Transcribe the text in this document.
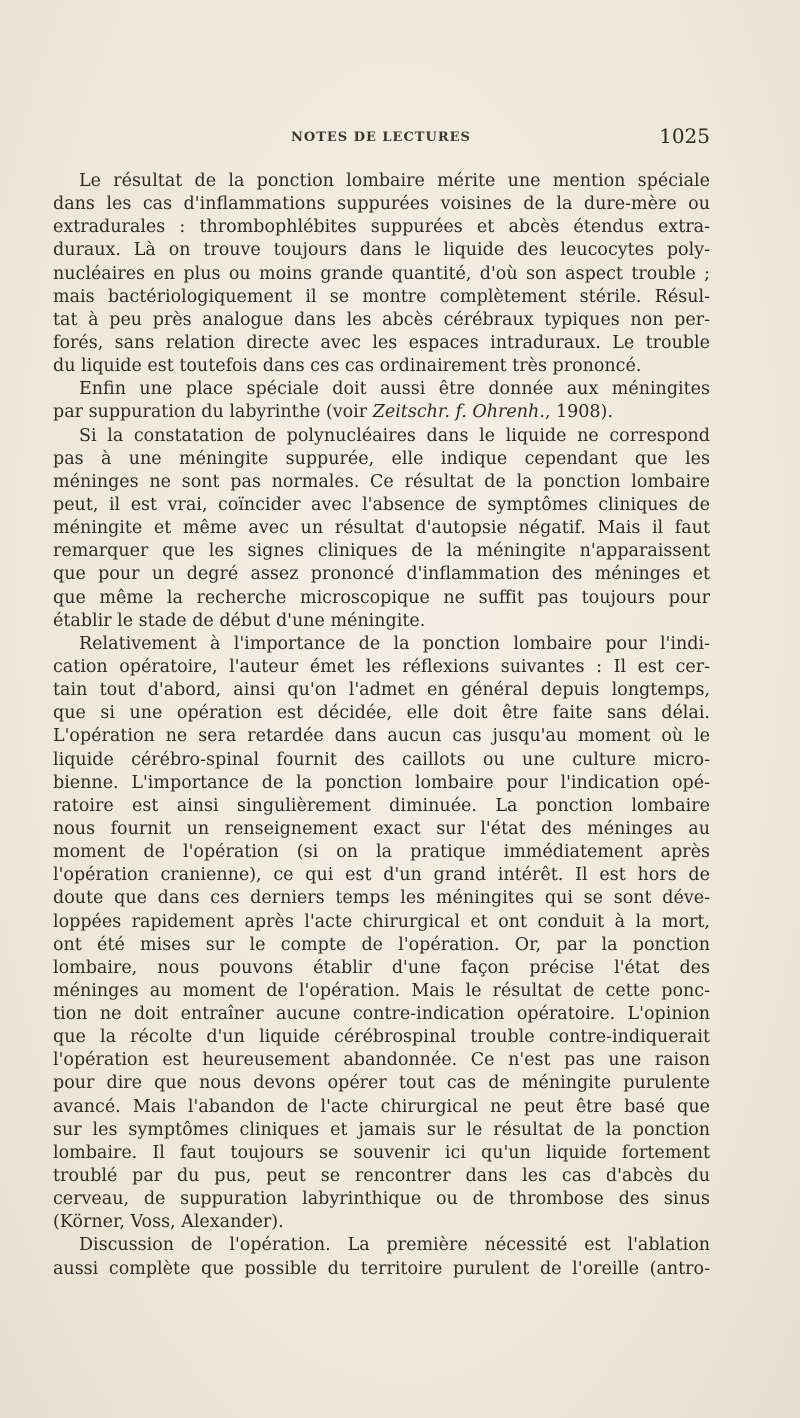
NOTES DE LECTURES	1025
Le résultat de la ponction lombaire mérite une mention spéciale
dans les cas d'inflammations suppurées voisines de la dure-mère ou
extradurales : thrombophlébites suppurées et abcès étendus extra-
duraux. Là on trouve toujours dans le liquide des leucocytes poly-
nucléaires en plus ou moins grande quantité, d'où son aspect trouble ;
mais bactériologiquement il se montre complètement stérile. Résul-
tat à peu près analogue dans les abcès cérébraux typiques non per-
forés, sans relation directe avec les espaces intraduraux. Le trouble
du liquide est toutefois dans ces cas ordinairement très prononcé.
Enfin une place spéciale doit aussi être donnée aux méningites
par suppuration du labyrinthe (voir Zeitschr. f. Ohrenh., 1908).
Si la constatation de polynucléaires dans le liquide ne correspond
pas à une méningite suppurée, elle indique cependant que les
méninges ne sont pas normales. Ce résultat de la ponction lombaire
peut, il est vrai, coïncider avec l'absence de symptômes cliniques de
méningite et même avec un résultat d'autopsie négatif. Mais il faut
remarquer que les signes cliniques de la méningite n'apparaissent
que pour un degré assez prononcé d'inflammation des méninges et
que même la recherche microscopique ne suffit pas toujours pour
établir le stade de début d'une méningite.
Relativement à l'importance de la ponction lombaire pour l'indi-
cation opératoire, l'auteur émet les réflexions suivantes : Il est cer-
tain tout d'abord, ainsi qu'on l'admet en général depuis longtemps,
que si une opération est décidée, elle doit être faite sans délai.
L'opération ne sera retardée dans aucun cas jusqu'au moment où le
liquide cérébro-spinal fournit des caillots ou une culture micro-
bienne. L'importance de la ponction lombaire pour l'indication opé-
ratoire est ainsi singulièrement diminuée. La ponction lombaire
nous fournit un renseignement exact sur l'état des méninges au
moment de l'opération (si on la pratique immédiatement après
l'opération cranienne), ce qui est d'un grand intérêt. Il est hors de
doute que dans ces derniers temps les méningites qui se sont déve-
loppées rapidement après l'acte chirurgical et ont conduit à la mort,
ont été mises sur le compte de l'opération. Or, par la ponction
lombaire, nous pouvons établir d'une façon précise l'état des
méninges au moment de l'opération. Mais le résultat de cette ponc-
tion ne doit entraîner aucune contre-indication opératoire. L'opinion
que la récolte d'un liquide cérébrospinal trouble contre-indiquerait
l'opération est heureusement abandonnée. Ce n'est pas une raison
pour dire que nous devons opérer tout cas de méningite purulente
avancé. Mais l'abandon de l'acte chirurgical ne peut être basé que
sur les symptômes cliniques et jamais sur le résultat de la ponction
lombaire. Il faut toujours se souvenir ici qu'un liquide fortement
troublé par du pus, peut se rencontrer dans les cas d'abcès du
cerveau, de suppuration labyrinthique ou de thrombose des sinus
(Körner, Voss, Alexander).
Discussion de l'opération. La première nécessité est l'ablation
aussi complète que possible du territoire purulent de l'oreille (antro-
